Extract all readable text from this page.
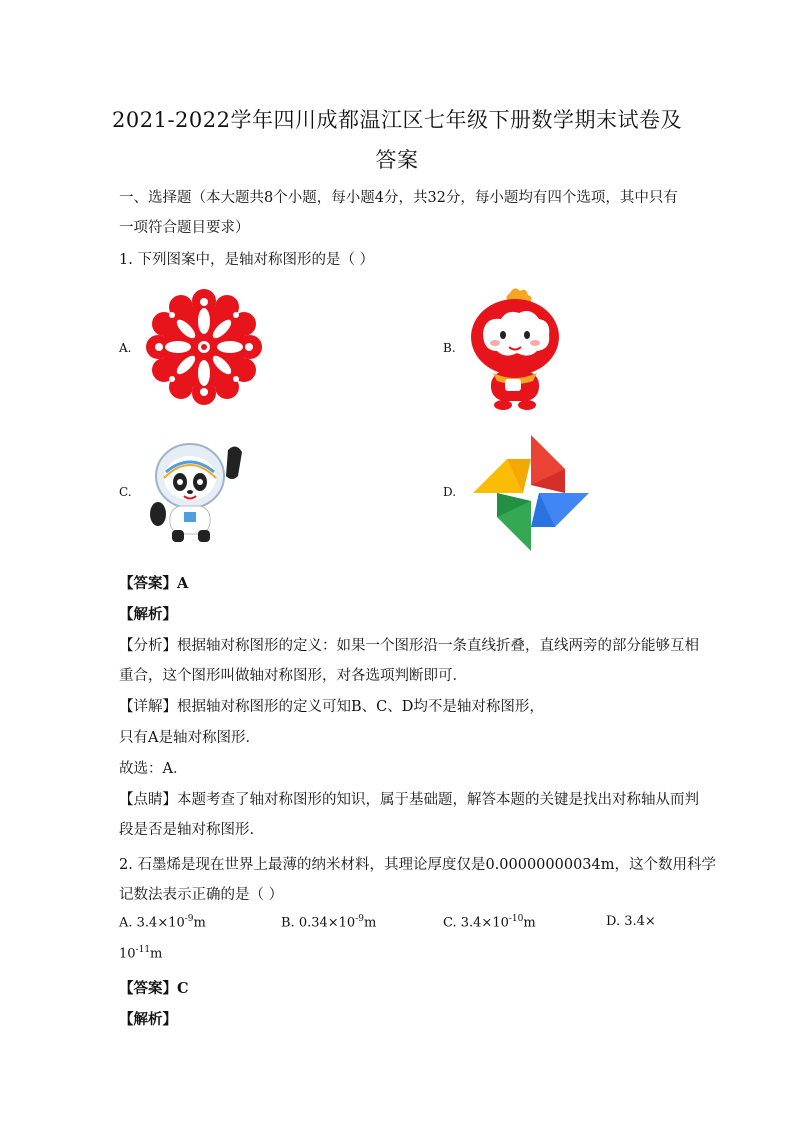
2021-2022学年四川成都温江区七年级下册数学期末试卷及
答案
一、选择题（本大题共8个小题，每小题4分，共32分，每小题均有四个选项，其中只有
一项符合题目要求）
1. 下列图案中，是轴对称图形的是（ ）
A.	B.
C.	D.
【答案】A
【解析】
【分析】根据轴对称图形的定义：如果一个图形沿一条直线折叠，直线两旁的部分能够互相
重合，这个图形叫做轴对称图形，对各选项判断即可．
【详解】根据轴对称图形的定义可知B、C、D均不是轴对称图形，
只有A是轴对称图形．
故选：A．
【点睛】本题考查了轴对称图形的知识，属于基础题，解答本题的关键是找出对称轴从而判
段是否是轴对称图形．
2. 石墨烯是现在世界上最薄的纳米材料，其理论厚度仅是0.00000000034m，这个数用科学
记数法表示正确的是（ ）
A. $3.4\times 10^{-9}m$	B. $0.34\times 10^{-9}m$	C. $3.4\times 10^{-10}m$	D. 3.4×
$10^{-11}m$
【答案】C
【解析】
